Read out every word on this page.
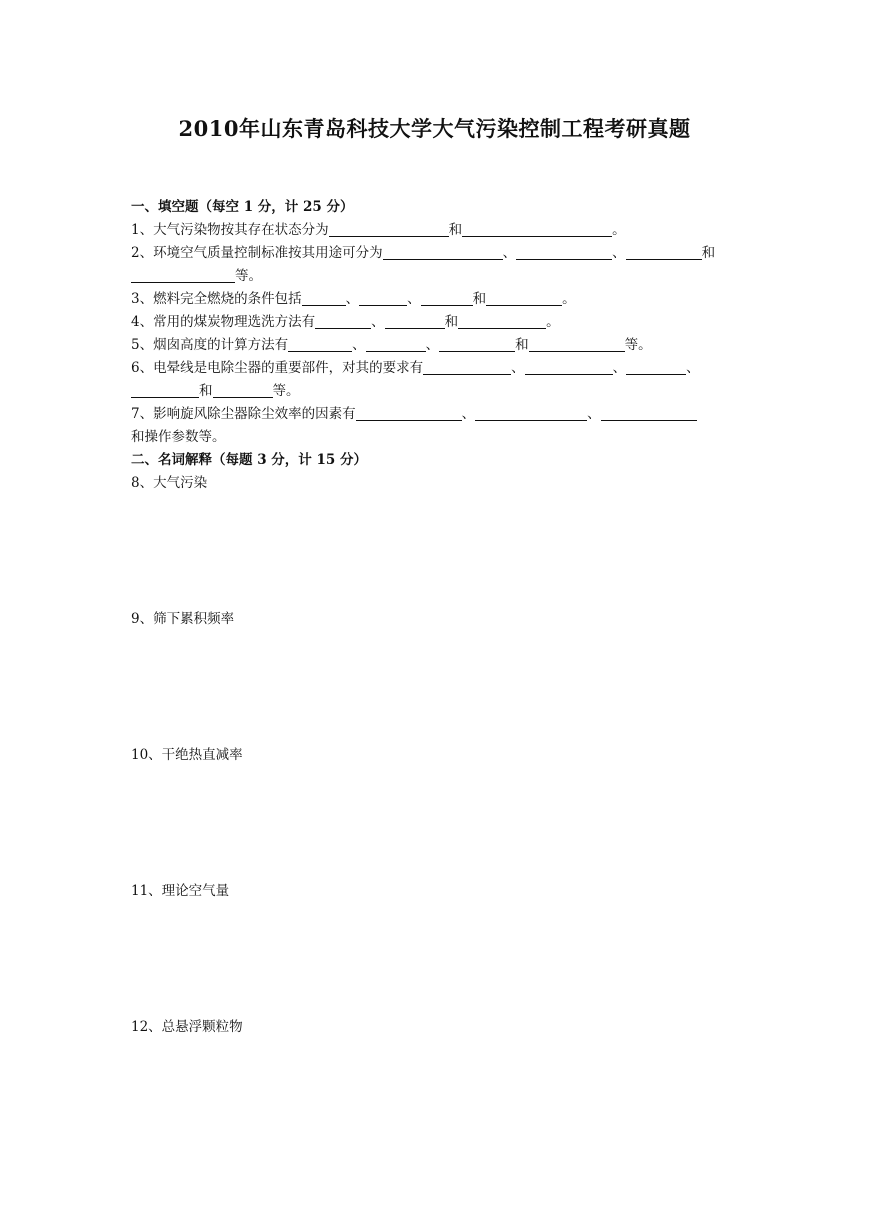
2010年山东青岛科技大学大气污染控制工程考研真题
一、填空题（每空 1 分，计 25 分）
1、大气污染物按其存在状态分为	和	。
2、环境空气质量控制标准按其用途可分为	、	、	和
等。
3、燃料完全燃烧的条件包括	、	、	和	。
4、常用的煤炭物理选洗方法有	、	和	。
5、烟囱高度的计算方法有	、	、	和	等。
6、电晕线是电除尘器的重要部件，对其的要求有	、	、	、
和	等。
7、影响旋风除尘器除尘效率的因素有	、	、
和操作参数等。
二、名词解释（每题 3 分，计 15 分）
8、大气污染
9、筛下累积频率
10、干绝热直减率
11、理论空气量
12、总悬浮颗粒物
